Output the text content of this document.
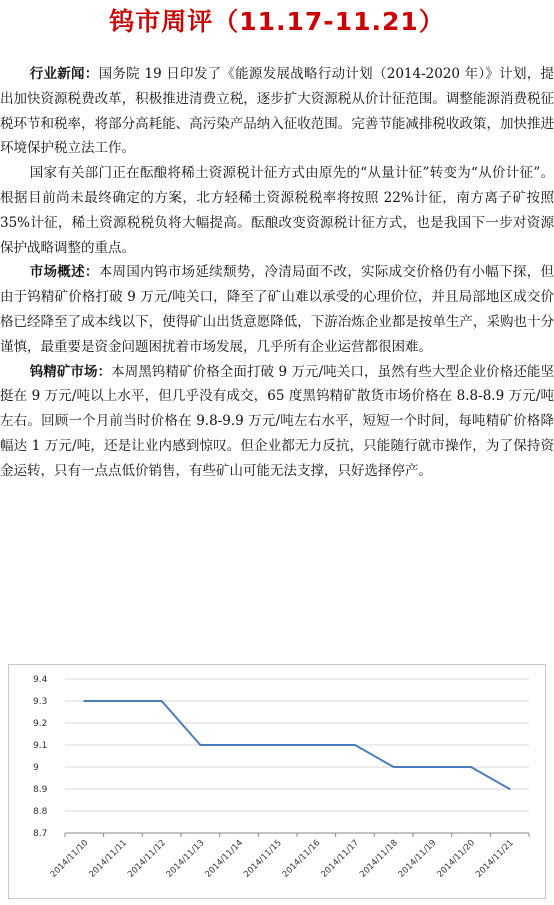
钨市周评（11.17-11.21）

行业新闻：国务院 19 日印发了《能源发展战略行动计划（2014-2020 年）》计划，提出加快资源税费改革，积极推进清费立税，逐步扩大资源税从价计征范围。调整能源消费税征税环节和税率，将部分高耗能、高污染产品纳入征收范围。完善节能减排税收政策，加快推进环境保护税立法工作。

国家有关部门正在酝酿将稀土资源税计征方式由原先的“从量计征”转变为“从价计征”。根据目前尚未最终确定的方案，北方轻稀土资源税税率将按照 22%计征，南方离子矿按照 35%计征，稀土资源税税负将大幅提高。酝酿改变资源税计征方式，也是我国下一步对资源保护战略调整的重点。

市场概述：本周国内钨市场延续颓势，冷清局面不改，实际成交价格仍有小幅下探，但由于钨精矿价格打破 9 万元/吨关口，降至了矿山难以承受的心理价位，并且局部地区成交价格已经降至了成本线以下，使得矿山出货意愿降低，下游冶炼企业都是按单生产，采购也十分谨慎，最重要是资金问题困扰着市场发展，几乎所有企业运营都很困难。

钨精矿市场：本周黑钨精矿价格全面打破 9 万元/吨关口，虽然有些大型企业价格还能坚挺在 9 万元/吨以上水平，但几乎没有成交，65 度黑钨精矿散货市场价格在 8.8-8.9 万元/吨左右。回顾一个月前当时价格在 9.8-9.9 万元/吨左右水平，短短一个时间，每吨精矿价格降幅达 1 万元/吨，还是让业内感到惊叹。但企业都无力反抗，只能随行就市操作，为了保持资金运转，只有一点点低价销售，有些矿山可能无法支撑，只好选择停产。

8.7
8.8
8.9
9
9.1
9.2
9.3
9.4
2014/11/10
2014/11/11
2014/11/12
2014/11/13
2014/11/14
2014/11/15
2014/11/16
2014/11/17
2014/11/18
2014/11/19
2014/11/20
2014/11/21
